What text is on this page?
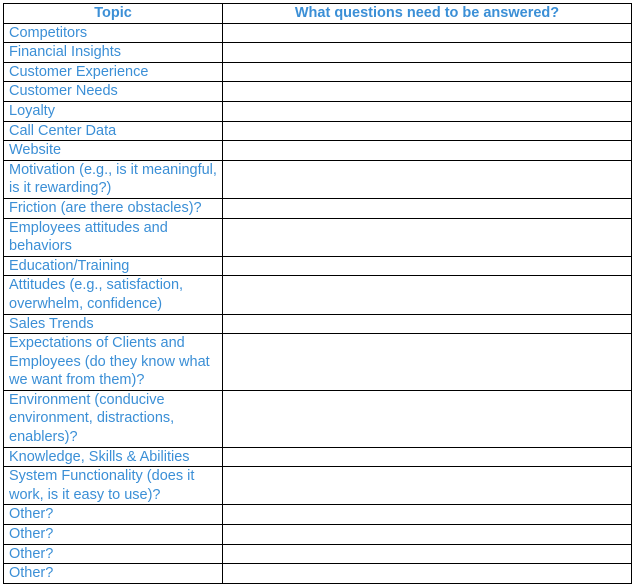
Topic	What questions need to be answered?
Competitors	
Financial Insights	
Customer Experience	
Customer Needs	
Loyalty	
Call Center Data	
Website	
Motivation (e.g., is it meaningful, is it rewarding?)	
Friction (are there obstacles)?	
Employees attitudes and behaviors	
Education/Training	
Attitudes (e.g., satisfaction, overwhelm, confidence)	
Sales Trends	
Expectations of Clients and Employees (do they know what we want from them)?	
Environment (conducive environment, distractions, enablers)?	
Knowledge, Skills & Abilities	
System Functionality (does it work, is it easy to use)?	
Other?	
Other?	
Other?	
Other?	
